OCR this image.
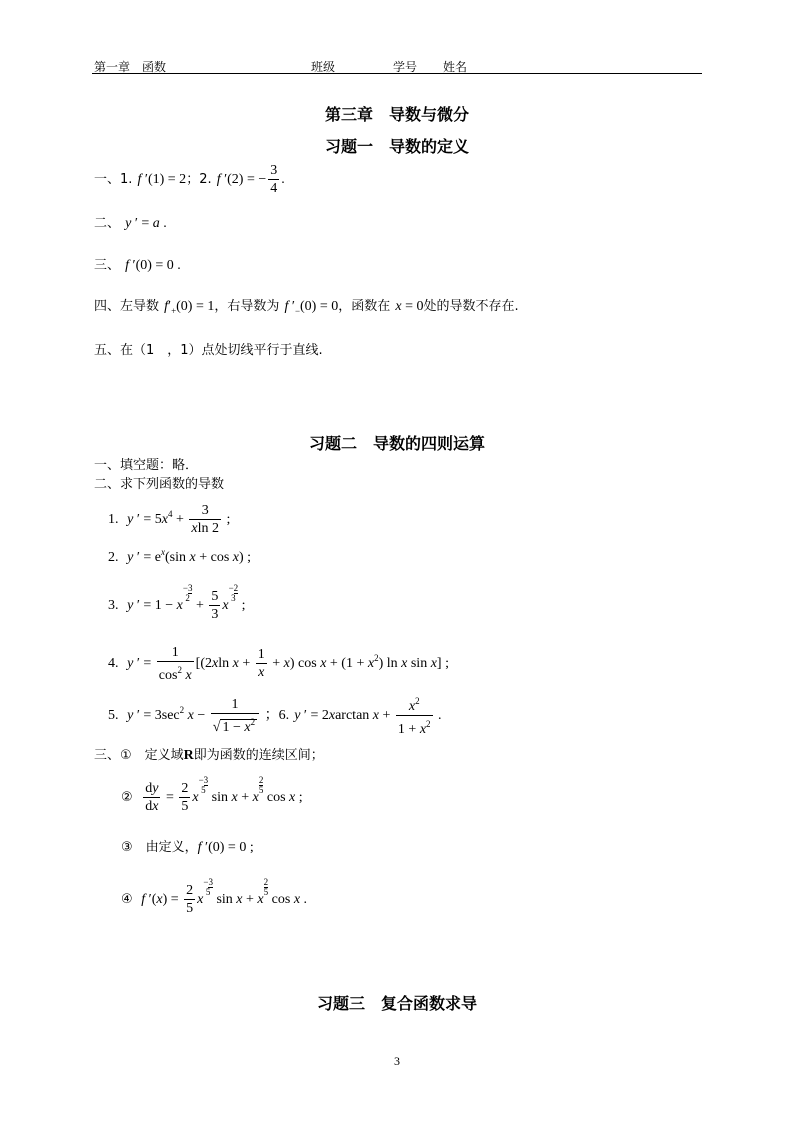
第一章　函数	班级	学号 姓名
第三章　导数与微分
习题一　导数的定义
一、1. f ′(1) = 2；2. f ′(2) = − $\frac{3}{4}$ .
二、 y ′ = a .
三、 f ′(0) = 0 .
四、左导数 $f'_+(0) = 1$，右导数为 f $'_-(0) = 0$，函数在 x = 0处的导数不存在.
五、在（1　，1）点处切线平行于直线.
习题二　导数的四则运算
一、填空题：略．
二、求下列函数的导数
1. y ′ = $5x^4 + \frac{3}{xln 2}$ ;
2. y ′ = $e^x(\sin$ x + cos x) ;
3. y ′ = 1 − x−3
$2 + \frac{5}{3} x-2$
3 ;
4. y ′ = $\frac{1}{\cos^2 x} [(2xln$ $x + \frac{1}{x} + x$) $\cos x + (1 + x^2)$ ln x sin x] ;
5. y ′ = $3\sec^2$ $x - \frac{1}{√ 1 - x^2}$ ；6. y ′ = 2xarctan $x + \frac{x^2}{1 + x^2}$ .
三、①　定义域R即为函数的连续区间；
② $\frac{dy}{dx} = \frac{2}{5} x-3$
5 sin x + x
$\frac{2}{5}$
cos x ;
③　由定义，f ′(0) = 0 ;
④ f $'(x) = \frac{2}{5} x-3$
5 sin x + x
$\frac{2}{5}$
cos x .
习题三　复合函数求导
3
